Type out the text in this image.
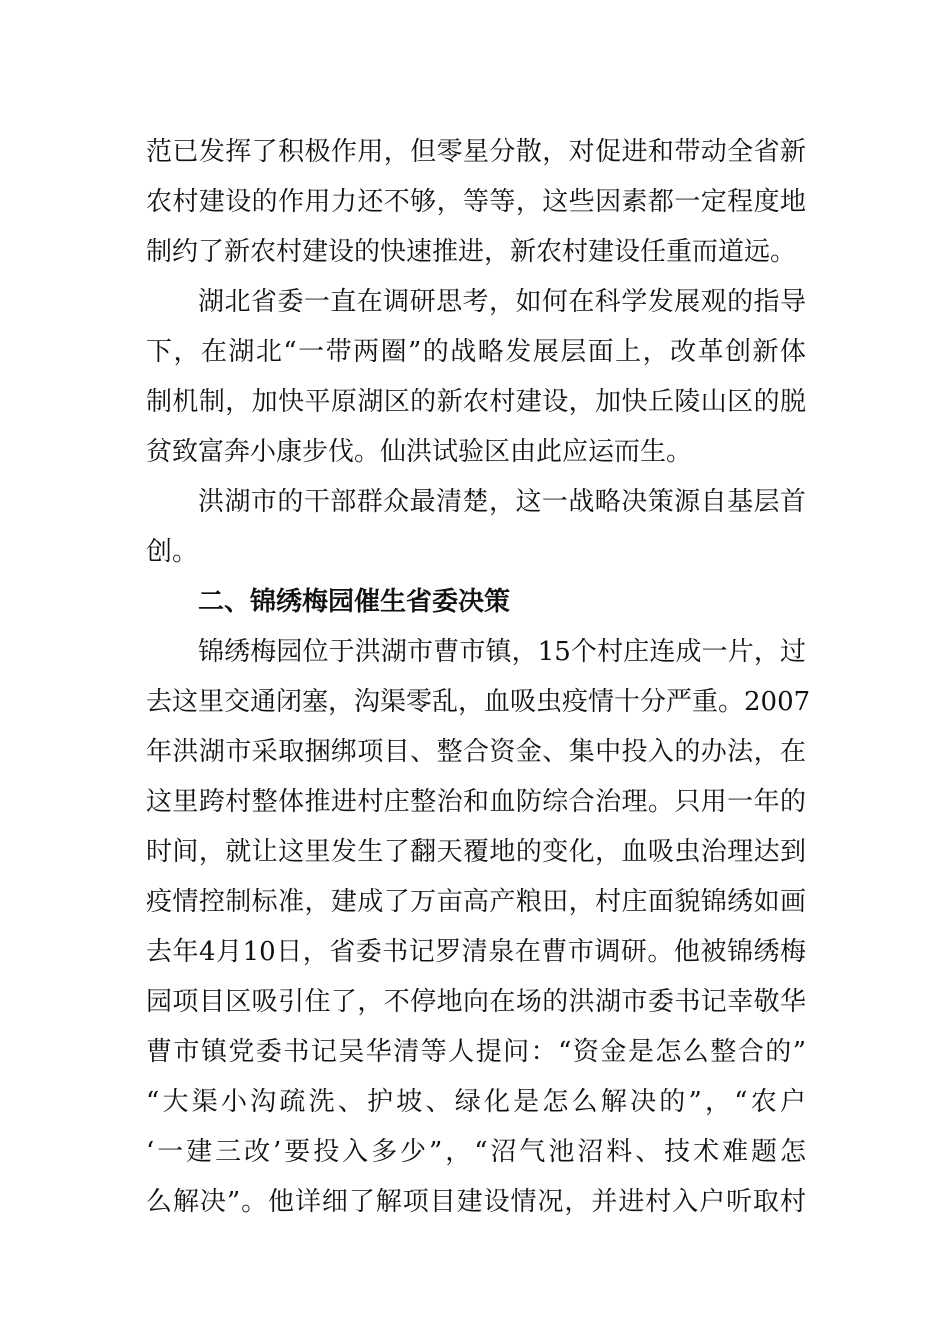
范已发挥了积极作用，但零星分散，对促进和带动全省新
农村建设的作用力还不够，等等，这些因素都一定程度地
制约了新农村建设的快速推进，新农村建设任重而道远。
湖北省委一直在调研思考，如何在科学发展观的指导
下，在湖北“一带两圈”的战略发展层面上，改革创新体
制机制，加快平原湖区的新农村建设，加快丘陵山区的脱
贫致富奔小康步伐。仙洪试验区由此应运而生。
洪湖市的干部群众最清楚，这一战略决策源自基层首
创。
二、锦绣梅园催生省委决策
锦绣梅园位于洪湖市曹市镇，15个村庄连成一片，过
去这里交通闭塞，沟渠零乱，血吸虫疫情十分严重。2007
年洪湖市采取捆绑项目、整合资金、集中投入的办法，在
这里跨村整体推进村庄整治和血防综合治理。只用一年的
时间，就让这里发生了翻天覆地的变化，血吸虫治理达到
疫情控制标准，建成了万亩高产粮田，村庄面貌锦绣如画
去年4月10日，省委书记罗清泉在曹市调研。他被锦绣梅
园项目区吸引住了，不停地向在场的洪湖市委书记幸敬华
曹市镇党委书记吴华清等人提问：“资金是怎么整合的”
“大渠小沟疏洗、护坡、绿化是怎么解决的”，“农户
‘一建三改’要投入多少”，“沼气池沼料、技术难题怎
么解决”。他详细了解项目建设情况，并进村入户听取村
